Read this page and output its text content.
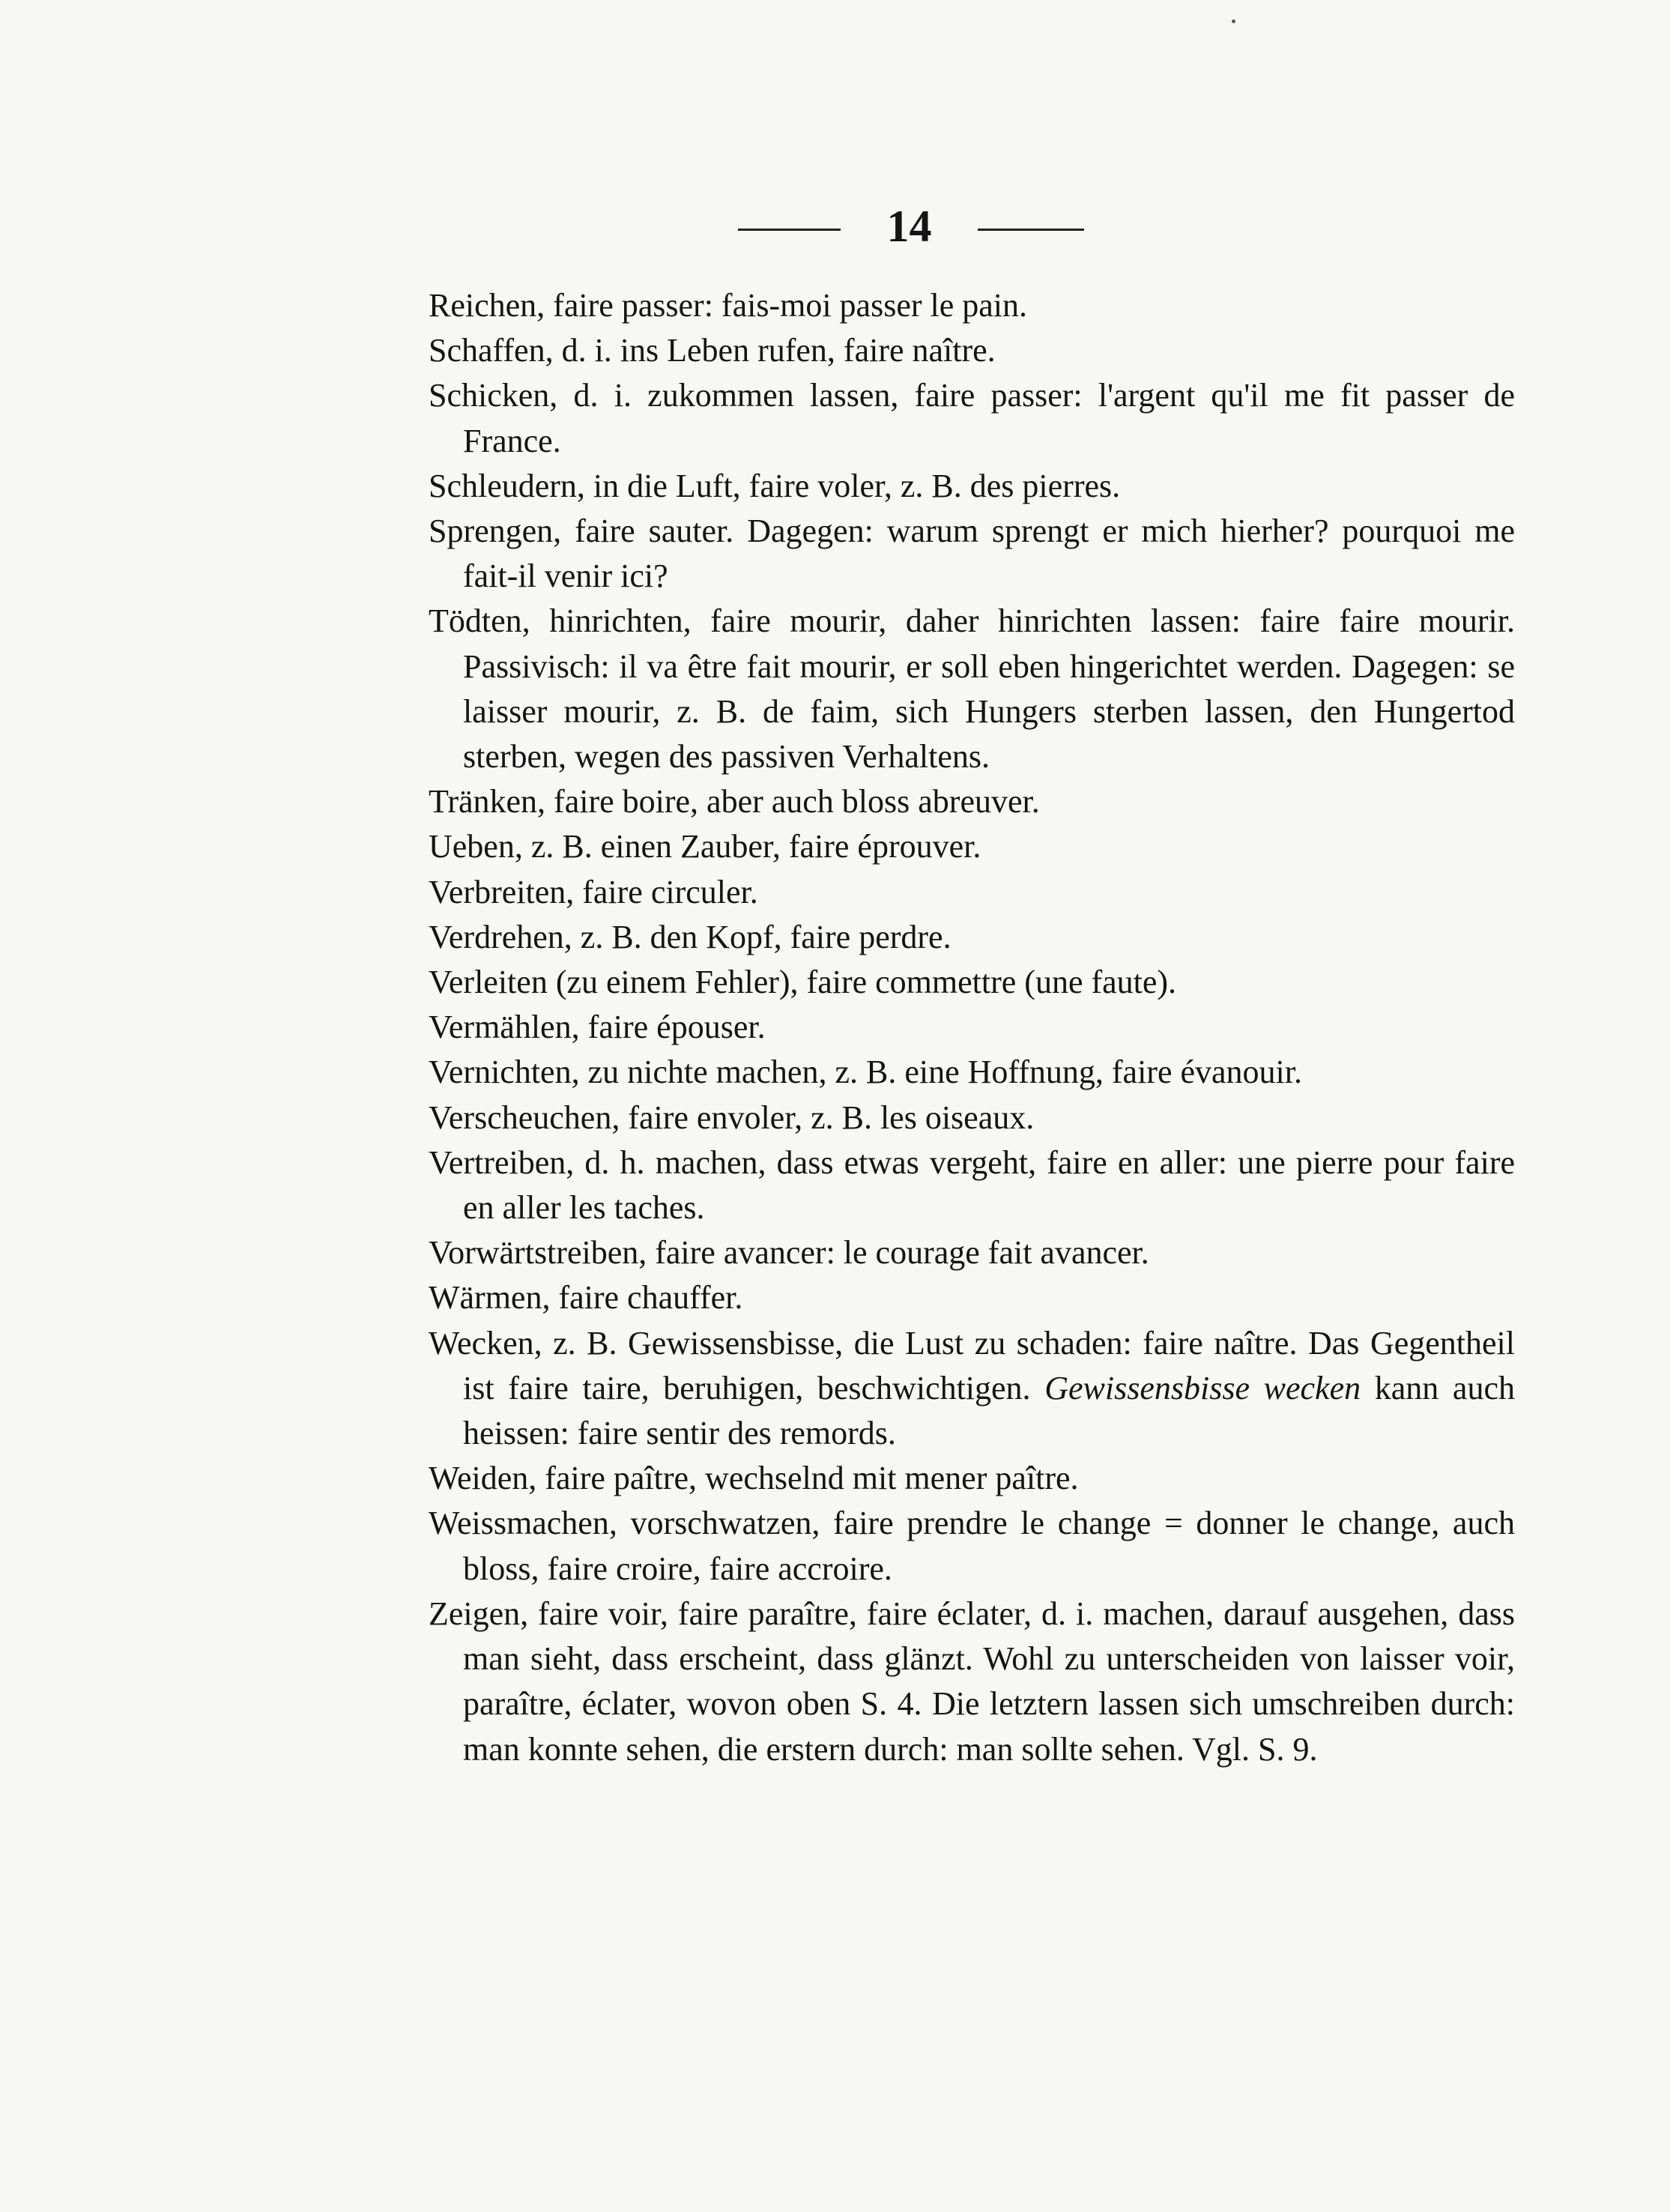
14

Reichen, faire passer: fais-moi passer le pain.

Schaffen, d. i. ins Leben rufen, faire naître.

Schicken, d. i. zukommen lassen, faire passer: l'argent qu'il me fit passer de France.

Schleudern, in die Luft, faire voler, z. B. des pierres.

Sprengen, faire sauter. Dagegen: warum sprengt er mich hierher? pourquoi me fait-il venir ici?

Tödten, hinrichten, faire mourir, daher hinrichten lassen: faire faire mourir. Passivisch: il va être fait mourir, er soll eben hingerichtet werden. Dagegen: se laisser mourir, z. B. de faim, sich Hungers sterben lassen, den Hungertod sterben, wegen des passiven Verhaltens.

Tränken, faire boire, aber auch bloss abreuver.

Ueben, z. B. einen Zauber, faire éprouver.

Verbreiten, faire circuler.

Verdrehen, z. B. den Kopf, faire perdre.

Verleiten (zu einem Fehler), faire commettre (une faute).

Vermählen, faire épouser.

Vernichten, zu nichte machen, z. B. eine Hoffnung, faire évanouir.

Verscheuchen, faire envoler, z. B. les oiseaux.

Vertreiben, d. h. machen, dass etwas vergeht, faire en aller: une pierre pour faire en aller les taches.

Vorwärtstreiben, faire avancer: le courage fait avancer.

Wärmen, faire chauffer.

Wecken, z. B. Gewissensbisse, die Lust zu schaden: faire naître. Das Gegentheil ist faire taire, beruhigen, beschwichtigen. Gewissensbisse wecken kann auch heissen: faire sentir des remords.

Weiden, faire paître, wechselnd mit mener paître.

Weissmachen, vorschwatzen, faire prendre le change = donner le change, auch bloss, faire croire, faire accroire.

Zeigen, faire voir, faire paraître, faire éclater, d. i. machen, darauf ausgehen, dass man sieht, dass erscheint, dass glänzt. Wohl zu unterscheiden von laisser voir, paraître, éclater, wovon oben S. 4. Die letztern lassen sich umschreiben durch: man konnte sehen, die erstern durch: man sollte sehen. Vgl. S. 9.
